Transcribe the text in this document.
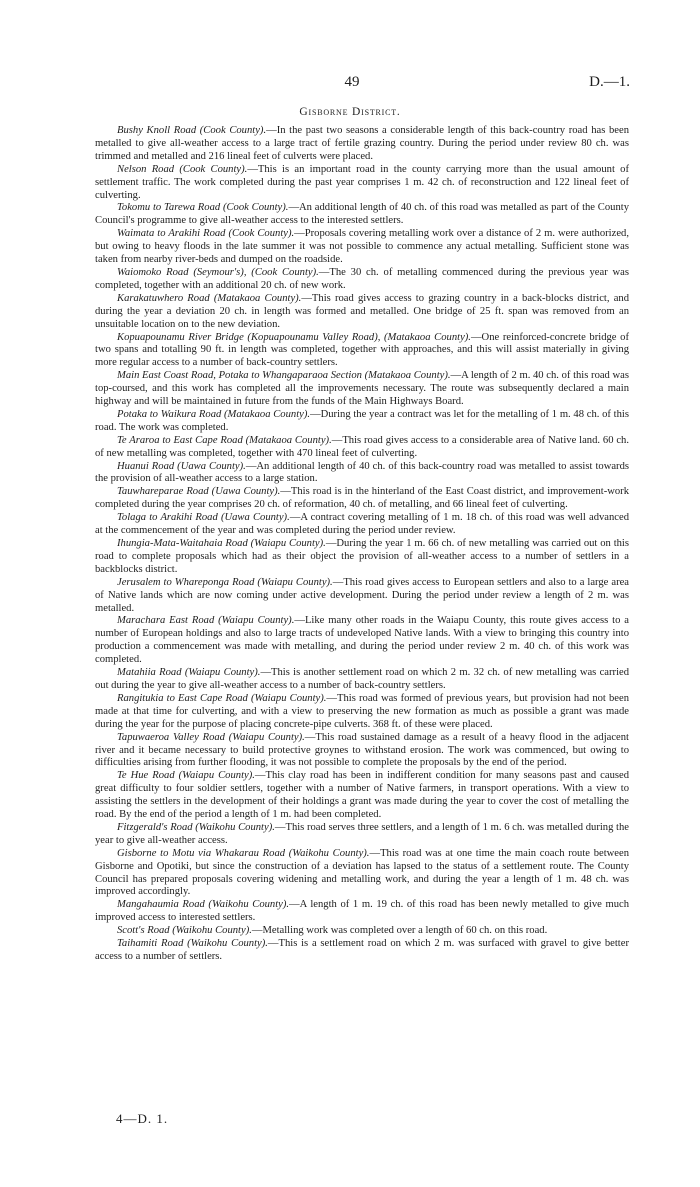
49	D.—1.
Gisborne District.

Bushy Knoll Road (Cook County).—In the past two seasons a considerable length of this back-country road has been metalled to give all-weather access to a large tract of fertile grazing country. During the period under review 80 ch. was trimmed and metalled and 216 lineal feet of culverts were placed.

Nelson Road (Cook County).—This is an important road in the county carrying more than the usual amount of settlement traffic. The work completed during the past year comprises 1 m. 42 ch. of reconstruction and 122 lineal feet of culverting.

Tokomu to Tarewa Road (Cook County).—An additional length of 40 ch. of this road was metalled as part of the County Council's programme to give all-weather access to the interested settlers.

Waimata to Arakihi Road (Cook County).—Proposals covering metalling work over a distance of 2 m. were authorized, but owing to heavy floods in the late summer it was not possible to commence any actual metalling. Sufficient stone was taken from nearby river-beds and dumped on the roadside.

Waiomoko Road (Seymour's), (Cook County).—The 30 ch. of metalling commenced during the previous year was completed, together with an additional 20 ch. of new work.

Karakatuwhero Road (Matakaoa County).—This road gives access to grazing country in a back-blocks district, and during the year a deviation 20 ch. in length was formed and metalled. One bridge of 25 ft. span was removed from an unsuitable location on to the new deviation.

Kopuapounamu River Bridge (Kopuapounamu Valley Road), (Matakaoa County).—One reinforced-concrete bridge of two spans and totalling 90 ft. in length was completed, together with approaches, and this will assist materially in giving more regular access to a number of back-country settlers.

Main East Coast Road, Potaka to Whangaparaoa Section (Matakaoa County).—A length of 2 m. 40 ch. of this road was top-coursed, and this work has completed all the improvements necessary. The route was subsequently declared a main highway and will be maintained in future from the funds of the Main Highways Board.

Potaka to Waikura Road (Matakaoa County).—During the year a contract was let for the metalling of 1 m. 48 ch. of this road. The work was completed.

Te Araroa to East Cape Road (Matakaoa County).—This road gives access to a considerable area of Native land. 60 ch. of new metalling was completed, together with 470 lineal feet of culverting.

Huanui Road (Uawa County).—An additional length of 40 ch. of this back-country road was metalled to assist towards the provision of all-weather access to a large station.

Tauwhareparae Road (Uawa County).—This road is in the hinterland of the East Coast district, and improvement-work completed during the year comprises 20 ch. of reformation, 40 ch. of metalling, and 66 lineal feet of culverting.

Tolaga to Arakihi Road (Uawa County).—A contract covering metalling of 1 m. 18 ch. of this road was well advanced at the commencement of the year and was completed during the period under review.

Ihungia-Mata-Waitahaia Road (Waiapu County).—During the year 1 m. 66 ch. of new metalling was carried out on this road to complete proposals which had as their object the provision of all-weather access to a number of settlers in a backblocks district.

Jerusalem to Whareponga Road (Waiapu County).—This road gives access to European settlers and also to a large area of Native lands which are now coming under active development. During the period under review a length of 2 m. was metalled.

Marachara East Road (Waiapu County).—Like many other roads in the Waiapu County, this route gives access to a number of European holdings and also to large tracts of undeveloped Native lands. With a view to bringing this country into production a commencement was made with metalling, and during the period under review 2 m. 40 ch. of this work was completed.

Matahiia Road (Waiapu County).—This is another settlement road on which 2 m. 32 ch. of new metalling was carried out during the year to give all-weather access to a number of back-country settlers.

Rangitukia to East Cape Road (Waiapu County).—This road was formed of previous years, but provision had not been made at that time for culverting, and with a view to preserving the new formation as much as possible a grant was made during the year for the purpose of placing concrete-pipe culverts. 368 ft. of these were placed.

Tapuwaeroa Valley Road (Waiapu County).—This road sustained damage as a result of a heavy flood in the adjacent river and it became necessary to build protective groynes to withstand erosion. The work was commenced, but owing to difficulties arising from further flooding, it was not possible to complete the proposals by the end of the period.

Te Hue Road (Waiapu County).—This clay road has been in indifferent condition for many seasons past and caused great difficulty to four soldier settlers, together with a number of Native farmers, in transport operations. With a view to assisting the settlers in the development of their holdings a grant was made during the year to cover the cost of metalling the road. By the end of the period a length of 1 m. had been completed.

Fitzgerald's Road (Waikohu County).—This road serves three settlers, and a length of 1 m. 6 ch. was metalled during the year to give all-weather access.

Gisborne to Motu via Whakarau Road (Waikohu County).—This road was at one time the main coach route between Gisborne and Opotiki, but since the construction of a deviation has lapsed to the status of a settlement route. The County Council has prepared proposals covering widening and metalling work, and during the year a length of 1 m. 48 ch. was improved accordingly.

Mangahaumia Road (Waikohu County).—A length of 1 m. 19 ch. of this road has been newly metalled to give much improved access to interested settlers.

Scott's Road (Waikohu County).—Metalling work was completed over a length of 60 ch. on this road.

Taihamiti Road (Waikohu County).—This is a settlement road on which 2 m. was surfaced with gravel to give better access to a number of settlers.

4—D. 1.
